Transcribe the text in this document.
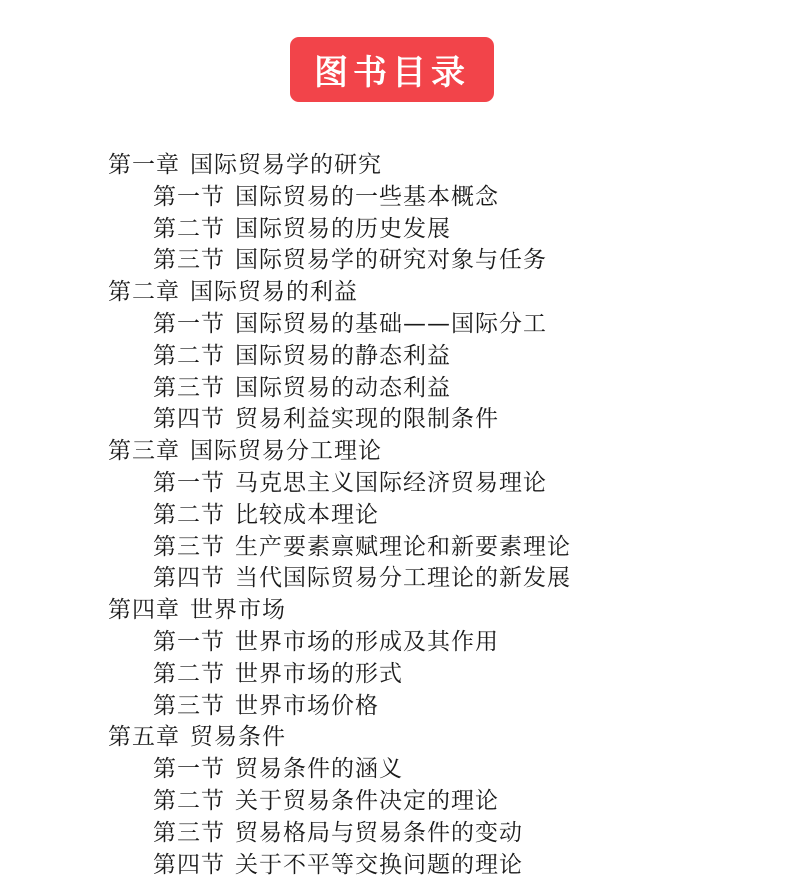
图书目录
第一章 国际贸易学的研究
第一节 国际贸易的一些基本概念
第二节 国际贸易的历史发展
第三节 国际贸易学的研究对象与任务
第二章 国际贸易的利益
第一节 国际贸易的基础——国际分工
第二节 国际贸易的静态利益
第三节 国际贸易的动态利益
第四节 贸易利益实现的限制条件
第三章 国际贸易分工理论
第一节 马克思主义国际经济贸易理论
第二节 比较成本理论
第三节 生产要素禀赋理论和新要素理论
第四节 当代国际贸易分工理论的新发展
第四章 世界市场
第一节 世界市场的形成及其作用
第二节 世界市场的形式
第三节 世界市场价格
第五章 贸易条件
第一节 贸易条件的涵义
第二节 关于贸易条件决定的理论
第三节 贸易格局与贸易条件的变动
第四节 关于不平等交换问题的理论
